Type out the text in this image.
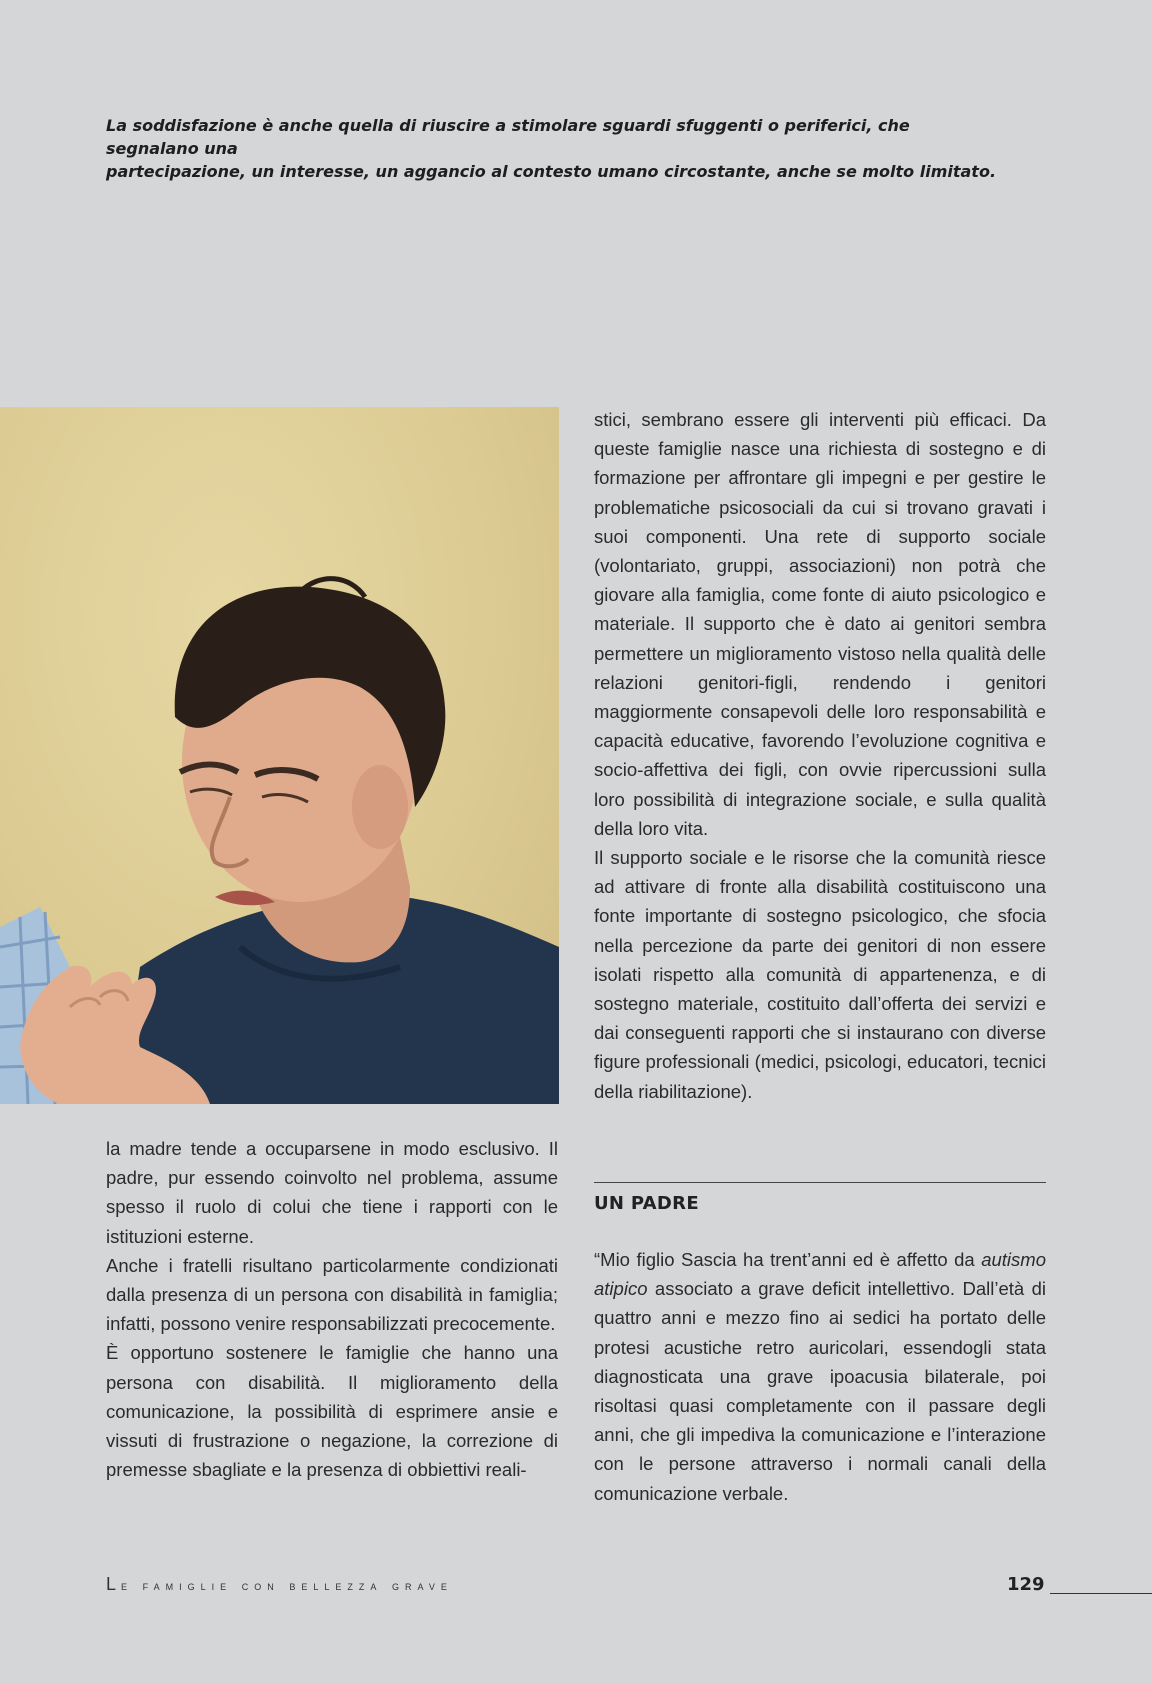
La soddisfazione è anche quella di riuscire a stimolare sguardi sfuggenti o periferici, che segnalano una
partecipazione, un interesse, un aggancio al contesto umano circostante, anche se molto limitato.

stici, sembrano essere gli interventi più efficaci. Da queste famiglie nasce una richiesta di sostegno e di formazione per affrontare gli impegni e per gestire le problematiche psicosociali da cui si trovano gravati i suoi componenti. Una rete di supporto sociale (volontariato, gruppi, associazioni) non potrà che giovare alla famiglia, come fonte di aiuto psicologico e materiale. Il supporto che è dato ai genitori sembra permettere un miglioramento vistoso nella qualità delle relazioni genitori-figli, rendendo i genitori maggiormente consapevoli delle loro responsabilità e capacità educative, favorendo l’evoluzione cognitiva e socio-affettiva dei figli, con ovvie ripercussioni sulla loro possibilità di integrazione sociale, e sulla qualità della loro vita.

Il supporto sociale e le risorse che la comunità riesce ad attivare di fronte alla disabilità costituiscono una fonte importante di sostegno psicologico, che sfocia nella percezione da parte dei genitori di non essere isolati rispetto alla comunità di appartenenza, e di sostegno materiale, costituito dall’offerta dei servizi e dai conseguenti rapporti che si instaurano con diverse figure professionali (medici, psicologi, educatori, tecnici della riabilitazione).

la madre tende a occuparsene in modo esclusivo. Il padre, pur essendo coinvolto nel problema, assume spesso il ruolo di colui che tiene i rapporti con le istituzioni esterne.

Anche i fratelli risultano particolarmente condizionati dalla presenza di un persona con disabilità in famiglia; infatti, possono venire responsabilizzati precocemente.

È opportuno sostenere le famiglie che hanno una persona con disabilità. Il miglioramento della comunicazione, la possibilità di esprimere ansie e vissuti di frustrazione o negazione, la correzione di premesse sbagliate e la presenza di obbiettivi reali-

UN PADRE

“Mio figlio Sascia ha trent’anni ed è affetto da autismo atipico associato a grave deficit intellettivo. Dall’età di quattro anni e mezzo fino ai sedici ha portato delle protesi acustiche retro auricolari, essendogli stata diagnosticata una grave ipoacusia bilaterale, poi risoltasi quasi completamente con il passare degli anni, che gli impediva la comunicazione e l’interazione con le persone attraverso i normali canali della comunicazione verbale.

Le famiglie con bellezza grave	129
